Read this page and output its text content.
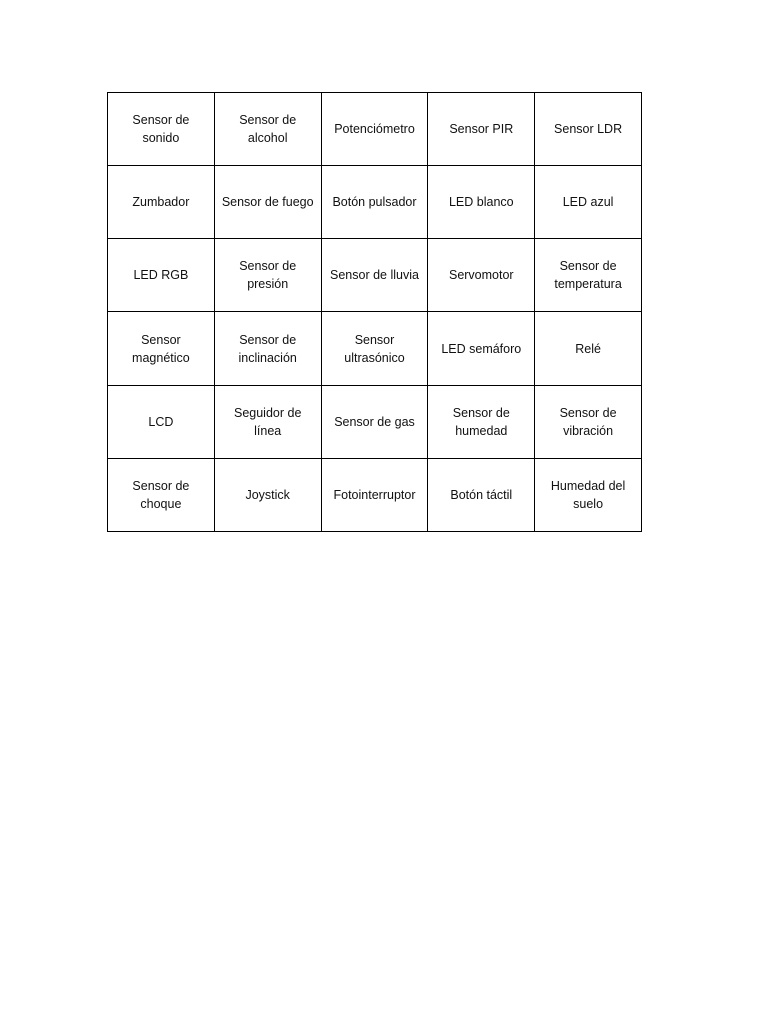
Sensor de sonido	Sensor de alcohol	Potenciómetro	Sensor PIR	Sensor LDR
Zumbador	Sensor de fuego	Botón pulsador	LED blanco	LED azul
LED RGB	Sensor de presión	Sensor de lluvia	Servomotor	Sensor de temperatura
Sensor magnético	Sensor de inclinación	Sensor ultrasónico	LED semáforo	Relé
LCD	Seguidor de línea	Sensor de gas	Sensor de humedad	Sensor de vibración
Sensor de choque	Joystick	Fotointerruptor	Botón táctil	Humedad del suelo
